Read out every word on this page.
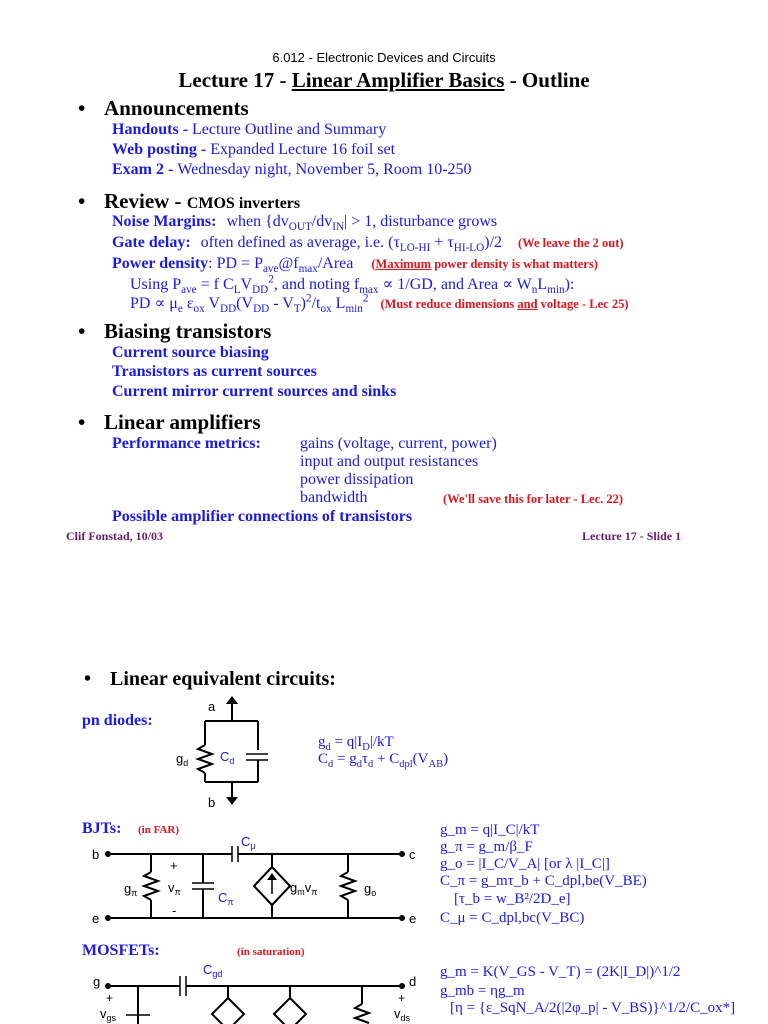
6.012 - Electronic Devices and Circuits
Lecture 17 - Linear Amplifier Basics - Outline
• Announcements
Handouts - Lecture Outline and Summary
Web posting - Expanded Lecture 16 foil set
Exam 2 - Wednesday night, November 5, Room 10-250
• Review - CMOS inverters
Noise Margins: when {$dv_{OUT}/dv_{IN}| > 1$, disturbance grows
Gate delay: often defined as average, i.e. $(\tau_{LO-HI} + \tau_{HI-LO})/2$ (We leave the 2 out)
Power density: PD = $P_{ave}@f_{max}$/Area (Maximum power density is what matters)
Using $P_{ave} = f$ $C_LV_{DD}^2$, and noting $f_{max} \propto 1/GD$, and Area ∝ $W_nL_{min}$):
PD ∝ $\mu_e$ $\varepsilon_{ox}$ $V_{DD}(V_{DD} - V_T)^2/t_{ox}$ $L_{min}^2$ (Must reduce dimensions and voltage - Lec 25)
• Biasing transistors
Current source biasing
Transistors as current sources
Current mirror current sources and sinks
• Linear amplifiers
Performance metrics: gains (voltage, current, power)
input and output resistances
power dissipation
bandwidth	(We'll save this for later - Lec. 22)
Possible amplifier connections of transistors
Clif Fonstad, 10/03	Lecture 17 - Slide 1
• Linear equivalent circuits:
pn diodes:
BJTs: (in FAR)
MOSFETs:	(in saturation)
a
b
$g_d$ $C_d$
b	c
e	e
$C_\mu$
$C_\pi$
$g_\pi$ $v_\pi$
+
-
$g_mv_\pi$	$g_o$
g	d
$C_{gd}$
$v_{gs}$	$v_{ds}$
+	+
$g_d = q|I_D|/kT$
$C_d = g_d\tau_d + C_{dpl}(V_{AB})$
g_m = q|I_C|/kT
g_π = g_m/β_F
g_o = |I_C/V_A| [or λ |I_C|]
C_π = g_mτ_b + C_dpl,be(V_BE)
[τ_b = w_B²/2D_e]
C_μ = C_dpl,bc(V_BC)
g_m = K(V_GS - V_T) = (2K|I_D|)^1/2
g_mb = ηg_m
[η = {ε_SqN_A/2(|2φ_p| - V_BS)}^1/2/C_ox*]
